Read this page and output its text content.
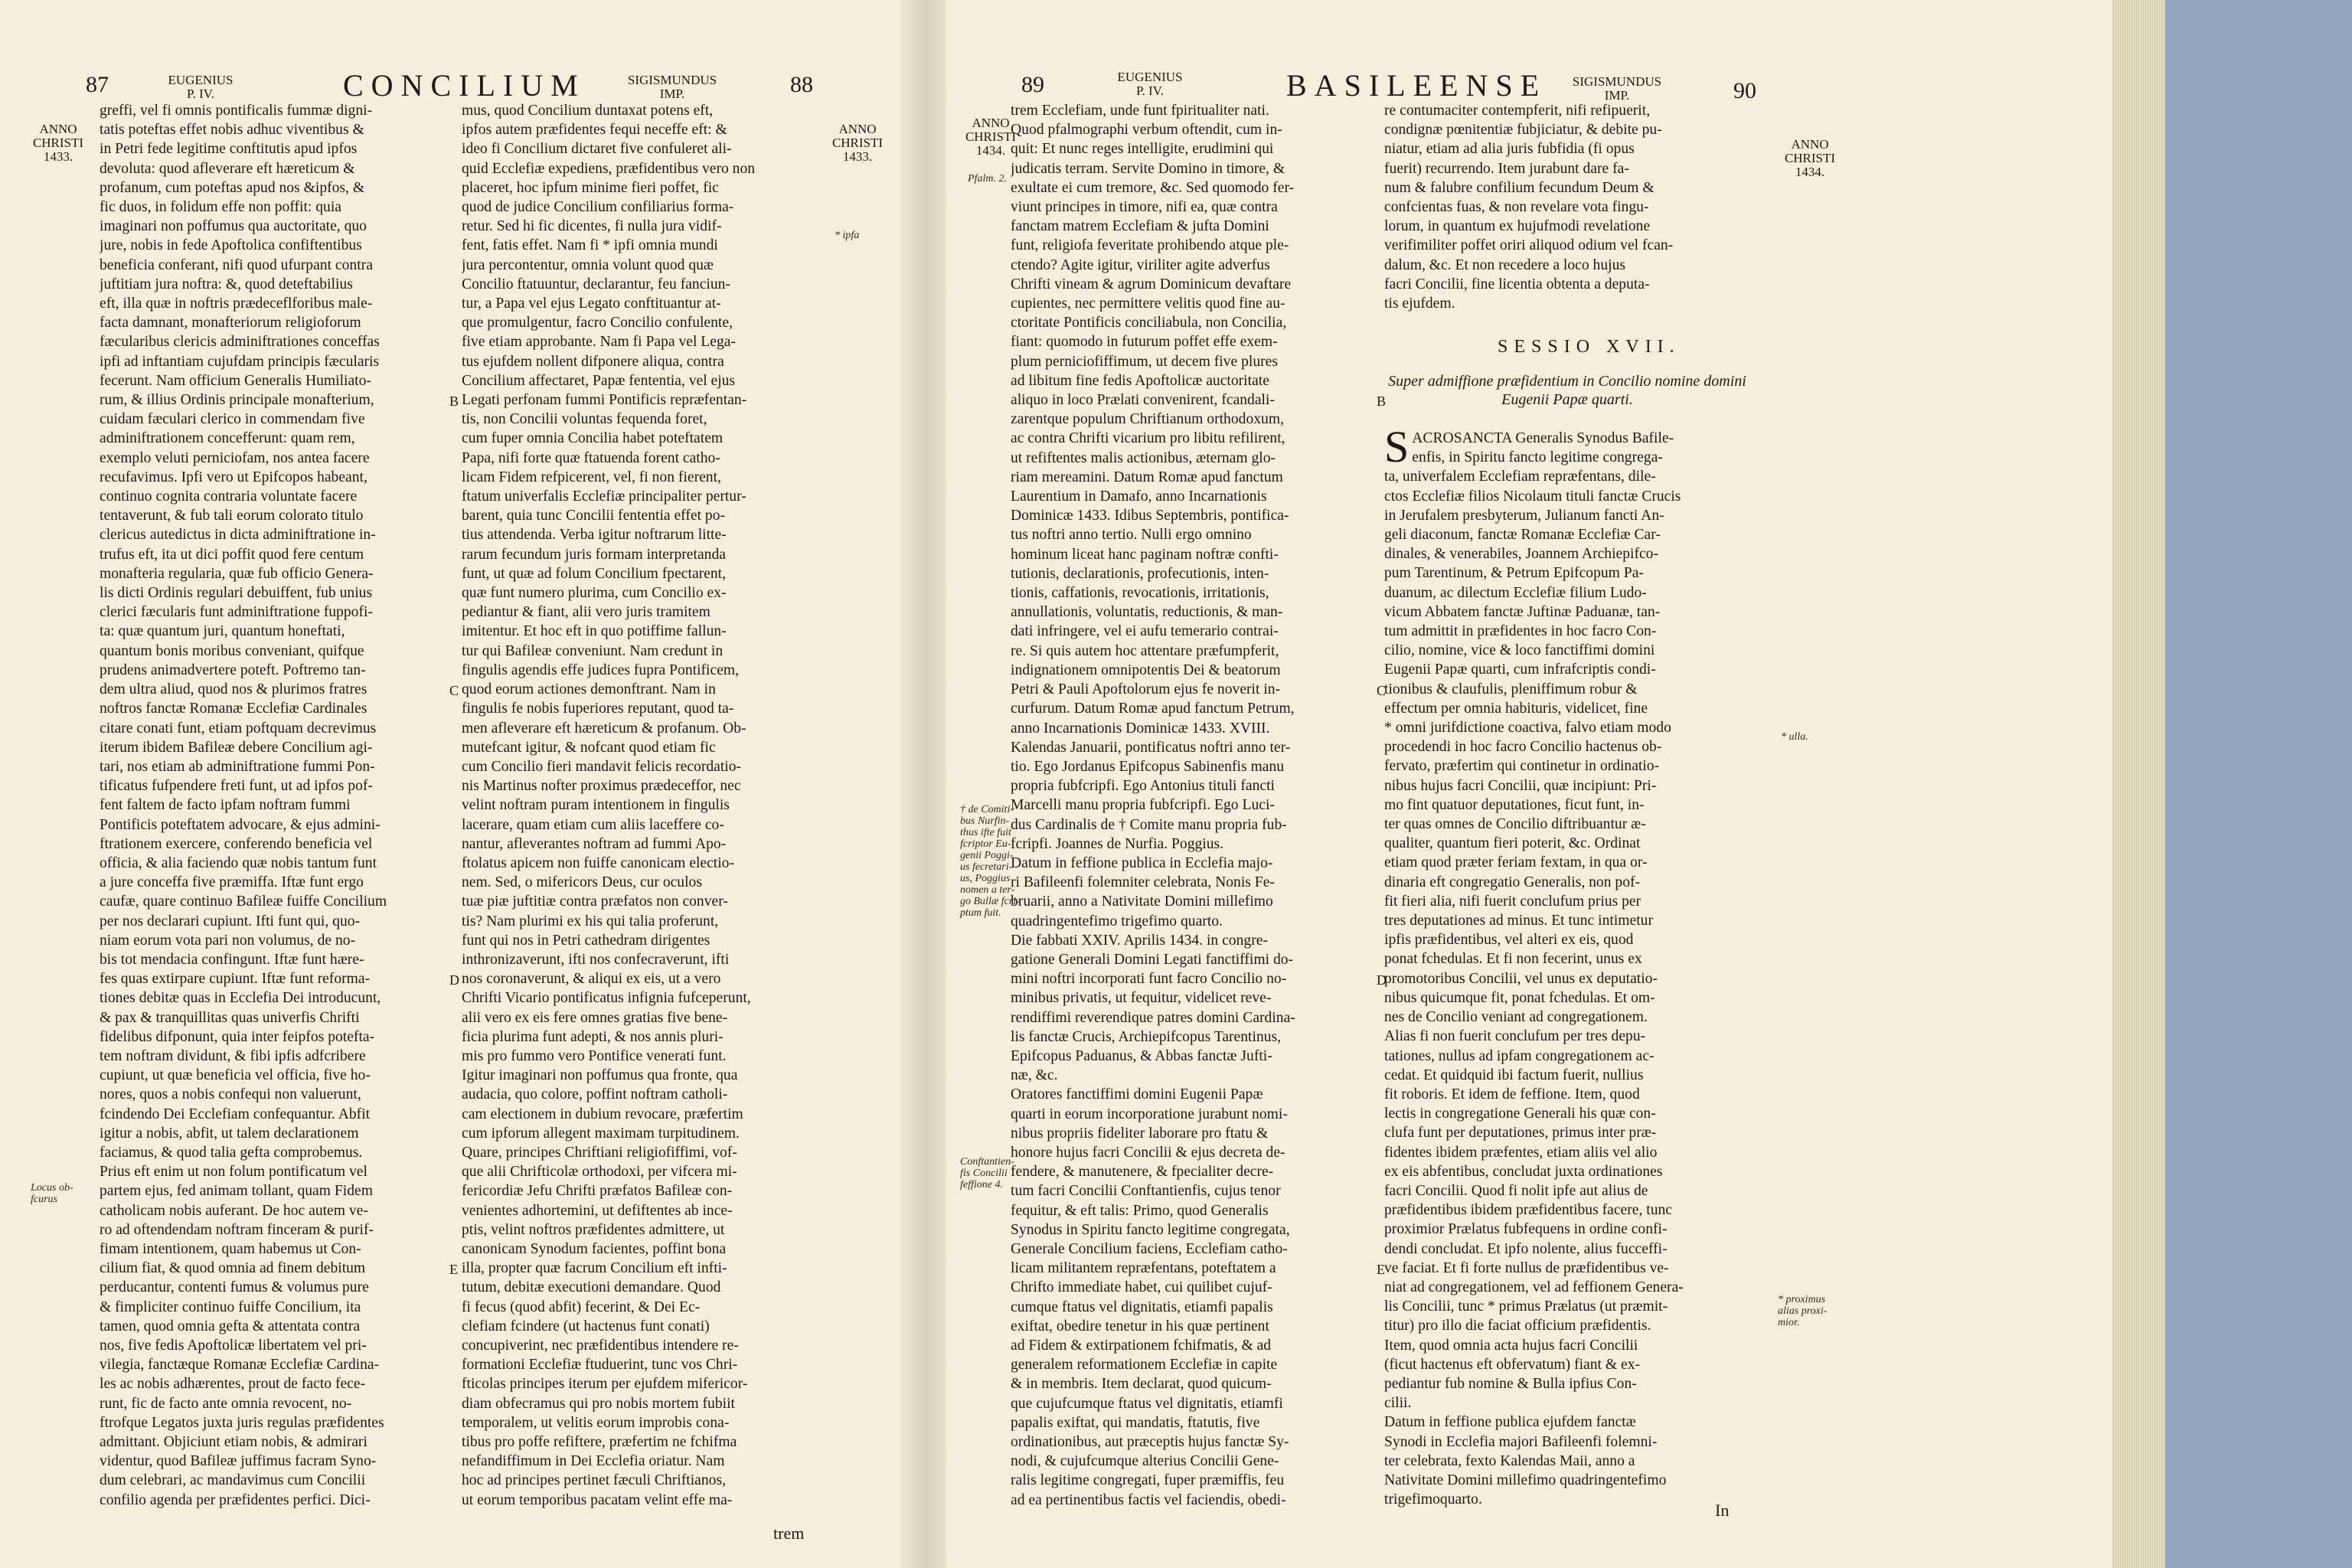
87	EUGENIUS
P. IV.	CONCILIUM	SIGISMUNDUS
IMP.	88
ANNO
CHRISTI
1433.
ANNO
CHRISTI
1433.
* ipfa
Locus ob-
fcurus
B
C
D
E
greffi, vel fi omnis pontificalis fummæ digni-
tatis poteftas effet nobis adhuc viventibus &
in Petri fede legitime conftitutis apud ipfos
devoluta: quod afleverare eft hæreticum &
profanum, cum poteftas apud nos &ipfos, &
fic duos, in folidum effe non poffit: quia
imaginari non poffumus qua auctoritate, quo
jure, nobis in fede Apoftolica confiftentibus
beneficia conferant, nifi quod ufurpant contra
juftitiam jura noftra: &, quod deteftabilius
eft, illa quæ in noftris prædeceflforibus male-
facta damnant, monafteriorum religioforum
fæcularibus clericis adminiftrationes conceffas
ipfi ad inftantiam cujufdam principis fæcularis
fecerunt. Nam officium Generalis Humiliato-
rum, & illius Ordinis principale monafterium,
cuidam fæculari clerico in commendam five
adminiftrationem concefferunt: quam rem,
exemplo veluti perniciofam, nos antea facere
recufavimus. Ipfi vero ut Epifcopos habeant,
continuo cognita contraria voluntate facere
tentaverunt, & fub tali eorum colorato titulo
clericus autedictus in dicta adminiftratione in-
trufus eft, ita ut dici poffit quod fere centum
monafteria regularia, quæ fub officio Genera-
lis dicti Ordinis regulari debuiffent, fub unius
clerici fæcularis funt adminiftratione fuppofi-
ta: quæ quantum juri, quantum honeftati,
quantum bonis moribus conveniant, quifque
prudens animadvertere poteft. Poftremo tan-
dem ultra aliud, quod nos & plurimos fratres
noftros fanctæ Romanæ Ecclefiæ Cardinales
citare conati funt, etiam poftquam decrevimus
iterum ibidem Bafileæ debere Concilium agi-
tari, nos etiam ab adminiftratione fummi Pon-
tificatus fufpendere freti funt, ut ad ipfos pof-
fent faltem de facto ipfam noftram fummi
Pontificis poteftatem advocare, & ejus admini-
ftrationem exercere, conferendo beneficia vel
officia, & alia faciendo quæ nobis tantum funt
a jure conceffa five præmiffa. Iftæ funt ergo
caufæ, quare continuo Bafileæ fuiffe Concilium
per nos declarari cupiunt. Ifti funt qui, quo-
niam eorum vota pari non volumus, de no-
bis tot mendacia confingunt. Iftæ funt hære-
fes quas extirpare cupiunt. Iftæ funt reforma-
tiones debitæ quas in Ecclefia Dei introducunt,
& pax & tranquillitas quas univerfis Chrifti
fidelibus difponunt, quia inter feipfos potefta-
tem noftram dividunt, & fibi ipfis adfcribere
cupiunt, ut quæ beneficia vel officia, five ho-
nores, quos a nobis confequi non valuerunt,
fcindendo Dei Ecclefiam confequantur. Abfit
igitur a nobis, abfit, ut talem declarationem
faciamus, & quod talia gefta comprobemus.
Prius eft enim ut non folum pontificatum vel
partem ejus, fed animam tollant, quam Fidem
catholicam nobis auferant. De hoc autem ve-
ro ad oftendendam noftram finceram & purif-
fimam intentionem, quam habemus ut Con-
cilium fiat, & quod omnia ad finem debitum
perducantur, contenti fumus & volumus pure
& fimpliciter continuo fuiffe Concilium, ita
tamen, quod omnia gefta & attentata contra
nos, five fedis Apoftolicæ libertatem vel pri-
vilegia, fanctæque Romanæ Ecclefiæ Cardina-
les ac nobis adhærentes, prout de facto fece-
runt, fic de facto ante omnia revocent, no-
ftrofque Legatos juxta juris regulas præfidentes
admittant. Objiciunt etiam nobis, & admirari
videntur, quod Bafileæ juffimus facram Syno-
dum celebrari, ac mandavimus cum Concilii
confilio agenda per præfidentes perfici. Dici-
mus, quod Concilium duntaxat potens eft,
ipfos autem præfidentes fequi neceffe eft: &
ideo fi Concilium dictaret five confuleret ali-
quid Ecclefiæ expediens, præfidentibus vero non
placeret, hoc ipfum minime fieri poffet, fic
quod de judice Concilium confiliarius forma-
retur. Sed hi fic dicentes, fi nulla jura vidif-
fent, fatis effet. Nam fi * ipfi omnia mundi
jura percontentur, omnia volunt quod quæ
Concilio ftatuuntur, declarantur, feu fanciun-
tur, a Papa vel ejus Legato conftituantur at-
que promulgentur, facro Concilio confulente,
five etiam approbante. Nam fi Papa vel Lega-
tus ejufdem nollent difponere aliqua, contra
Concilium affectaret, Papæ fententia, vel ejus
Legati perfonam fummi Pontificis repræfentan-
tis, non Concilii voluntas fequenda foret,
cum fuper omnia Concilia habet poteftatem
Papa, nifi forte quæ ftatuenda forent catho-
licam Fidem refpicerent, vel, fi non fierent,
ftatum univerfalis Ecclefiæ principaliter pertur-
barent, quia tunc Concilii fententia effet po-
tius attendenda. Verba igitur noftrarum litte-
rarum fecundum juris formam interpretanda
funt, ut quæ ad folum Concilium fpectarent,
quæ funt numero plurima, cum Concilio ex-
pediantur & fiant, alii vero juris tramitem
imitentur. Et hoc eft in quo potiffime fallun-
tur qui Bafileæ conveniunt. Nam credunt in
fingulis agendis effe judices fupra Pontificem,
quod eorum actiones demonftrant. Nam in
fingulis fe nobis fuperiores reputant, quod ta-
men afleverare eft hæreticum & profanum. Ob-
mutefcant igitur, & nofcant quod etiam fic
cum Concilio fieri mandavit felicis recordatio-
nis Martinus nofter proximus prædeceffor, nec
velint noftram puram intentionem in fingulis
lacerare, quam etiam cum aliis laceffere co-
nantur, afleverantes noftram ad fummi Apo-
ftolatus apicem non fuiffe canonicam electio-
nem. Sed, o mifericors Deus, cur oculos
tuæ piæ juftitiæ contra præfatos non conver-
tis? Nam plurimi ex his qui talia proferunt,
funt qui nos in Petri cathedram dirigentes
inthronizaverunt, ifti nos confecraverunt, ifti
nos coronaverunt, & aliqui ex eis, ut a vero
Chrifti Vicario pontificatus infignia fufceperunt,
alii vero ex eis fere omnes gratias five bene-
ficia plurima funt adepti, & nos annis pluri-
mis pro fummo vero Pontifice venerati funt.
Igitur imaginari non poffumus qua fronte, qua
audacia, quo colore, poffint noftram catholi-
cam electionem in dubium revocare, præfertim
cum ipforum allegent maximam turpitudinem.
Quare, principes Chriftiani religiofiffimi, vof-
que alii Chrifticolæ orthodoxi, per vifcera mi-
fericordiæ Jefu Chrifti præfatos Bafileæ con-
venientes adhortemini, ut defiftentes ab ince-
ptis, velint noftros præfidentes admittere, ut
canonicam Synodum facientes, poffint bona
illa, propter quæ facrum Concilium eft infti-
tutum, debitæ executioni demandare. Quod
fi fecus (quod abfit) fecerint, & Dei Ec-
clefiam fcindere (ut hactenus funt conati)
concupiverint, nec præfidentibus intendere re-
formationi Ecclefiæ ftuduerint, tunc vos Chri-
fticolas principes iterum per ejufdem mifericor-
diam obfecramus qui pro nobis mortem fubiit
temporalem, ut velitis eorum improbis cona-
tibus pro poffe refiftere, præfertim ne fchifma
nefandiffimum in Dei Ecclefia oriatur. Nam
hoc ad principes pertinet fæculi Chriftianos,
ut eorum temporibus pacatam velint effe ma-
trem
89	EUGENIUS
P. IV.	BASILEENSE	SIGISMUNDUS
IMP.	90
ANNO
CHRISTI
1434.	ANNO
CHRISTI
1434.
Pfalm. 2.
* ulla.
† de Comiti-
bus Nurfin-
thus ifte fuit
fcriptor Eu-
genii Poggi-
us fecretari-
us, Poggius
nomen a ter-
go Bullæ fcri-
ptum fuit.
Conftantien-
fis Concilii
feffione 4.
* proximus
alias proxi-
mior.
B
C
D
E
trem Ecclefiam, unde funt fpiritualiter nati.
Quod pfalmographi verbum oftendit, cum in-
quit: Et nunc reges intelligite, erudimini qui
judicatis terram. Servite Domino in timore, &
exultate ei cum tremore, &c. Sed quomodo fer-
viunt principes in timore, nifi ea, quæ contra
fanctam matrem Ecclefiam & jufta Domini
funt, religiofa feveritate prohibendo atque ple-
ctendo? Agite igitur, viriliter agite adverfus
Chrifti vineam & agrum Dominicum devaftare
cupientes, nec permittere velitis quod fine au-
ctoritate Pontificis conciliabula, non Concilia,
fiant: quomodo in futurum poffet effe exem-
plum perniciofiffimum, ut decem five plures
ad libitum fine fedis Apoftolicæ auctoritate
aliquo in loco Prælati convenirent, fcandali-
zarentque populum Chriftianum orthodoxum,
ac contra Chrifti vicarium pro libitu refilirent,
ut refiftentes malis actionibus, æternam glo-
riam mereamini. Datum Romæ apud fanctum
Laurentium in Damafo, anno Incarnationis
Dominicæ 1433. Idibus Septembris, pontifica-
tus noftri anno tertio. Nulli ergo omnino
hominum liceat hanc paginam noftræ confti-
tutionis, declarationis, profecutionis, inten-
tionis, caffationis, revocationis, irritationis,
annullationis, voluntatis, reductionis, & man-
dati infringere, vel ei aufu temerario contrai-
re. Si quis autem hoc attentare præfumpferit,
indignationem omnipotentis Dei & beatorum
Petri & Pauli Apoftolorum ejus fe noverit in-
curfurum. Datum Romæ apud fanctum Petrum,
anno Incarnationis Dominicæ 1433. XVIII.
Kalendas Januarii, pontificatus noftri anno ter-
tio. Ego Jordanus Epifcopus Sabinenfis manu
propria fubfcripfi. Ego Antonius tituli fancti
Marcelli manu propria fubfcripfi. Ego Luci-
dus Cardinalis de † Comite manu propria fub-
fcripfi. Joannes de Nurfia. Poggius.
Datum in feffione publica in Ecclefia majo-
ri Bafileenfi folemniter celebrata, Nonis Fe-
bruarii, anno a Nativitate Domini millefimo
quadringentefimo trigefimo quarto.
Die fabbati XXIV. Aprilis 1434. in congre-
gatione Generali Domini Legati fanctiffimi do-
mini noftri incorporati funt facro Concilio no-
minibus privatis, ut fequitur, videlicet reve-
rendiffimi reverendique patres domini Cardina-
lis fanctæ Crucis, Archiepifcopus Tarentinus,
Epifcopus Paduanus, & Abbas fanctæ Jufti-
næ, &c.
Oratores fanctiffimi domini Eugenii Papæ
quarti in eorum incorporatione jurabunt nomi-
nibus propriis fideliter laborare pro ftatu &
honore hujus facri Concilii & ejus decreta de-
fendere, & manutenere, & fpecialiter decre-
tum facri Concilii Conftantienfis, cujus tenor
fequitur, & eft talis: Primo, quod Generalis
Synodus in Spiritu fancto legitime congregata,
Generale Concilium faciens, Ecclefiam catho-
licam militantem repræfentans, poteftatem a
Chrifto immediate habet, cui quilibet cujuf-
cumque ftatus vel dignitatis, etiamfi papalis
exiftat, obedire tenetur in his quæ pertinent
ad Fidem & extirpationem fchifmatis, & ad
generalem reformationem Ecclefiæ in capite
& in membris. Item declarat, quod quicum-
que cujufcumque ftatus vel dignitatis, etiamfi
papalis exiftat, qui mandatis, ftatutis, five
ordinationibus, aut præceptis hujus fanctæ Sy-
nodi, & cujufcumque alterius Concilii Gene-
ralis legitime congregati, fuper præmiffis, feu
ad ea pertinentibus factis vel faciendis, obedi-
re contumaciter contempferit, nifi refipuerit,
condignæ pœnitentiæ fubjiciatur, & debite pu-
niatur, etiam ad alia juris fubfidia (fi opus
fuerit) recurrendo. Item jurabunt dare fa-
num & falubre confilium fecundum Deum &
confcientas fuas, & non revelare vota fingu-
lorum, in quantum ex hujufmodi revelatione
verifimiliter poffet oriri aliquod odium vel fcan-
dalum, &c. Et non recedere a loco hujus
facri Concilii, fine licentia obtenta a deputa-
tis ejufdem.
SESSIO XVII.
Super admiffione præfidentium in Concilio nomine domini Eugenii Papæ quarti.
S ACROSANCTA Generalis Synodus Bafile-
enfis, in Spiritu fancto legitime congrega-
ta, univerfalem Ecclefiam repræfentans, dile-
ctos Ecclefiæ filios Nicolaum tituli fanctæ Crucis
in Jerufalem presbyterum, Julianum fancti An-
geli diaconum, fanctæ Romanæ Ecclefiæ Car-
dinales, & venerabiles, Joannem Archiepifco-
pum Tarentinum, & Petrum Epifcopum Pa-
duanum, ac dilectum Ecclefiæ filium Ludo-
vicum Abbatem fanctæ Juftinæ Paduanæ, tan-
tum admittit in præfidentes in hoc facro Con-
cilio, nomine, vice & loco fanctiffimi domini
Eugenii Papæ quarti, cum infrafcriptis condi-
tionibus & claufulis, pleniffimum robur &
effectum per omnia habituris, videlicet, fine
* omni jurifdictione coactiva, falvo etiam modo
procedendi in hoc facro Concilio hactenus ob-
fervato, præfertim qui continetur in ordinatio-
nibus hujus facri Concilii, quæ incipiunt: Pri-
mo fint quatuor deputationes, ficut funt, in-
ter quas omnes de Concilio diftribuantur æ-
qualiter, quantum fieri poterit, &c. Ordinat
etiam quod præter feriam fextam, in qua or-
dinaria eft congregatio Generalis, non pof-
fit fieri alia, nifi fuerit conclufum prius per
tres deputationes ad minus. Et tunc intimetur
ipfis præfidentibus, vel alteri ex eis, quod
ponat fchedulas. Et fi non fecerint, unus ex
promotoribus Concilii, vel unus ex deputatio-
nibus quicumque fit, ponat fchedulas. Et om-
nes de Concilio veniant ad congregationem.
Alias fi non fuerit conclufum per tres depu-
tationes, nullus ad ipfam congregationem ac-
cedat. Et quidquid ibi factum fuerit, nullius
fit roboris. Et idem de feffione. Item, quod
lectis in congregatione Generali his quæ con-
clufa funt per deputationes, primus inter præ-
fidentes ibidem præfentes, etiam aliis vel alio
ex eis abfentibus, concludat juxta ordinationes
facri Concilii. Quod fi nolit ipfe aut alius de
præfidentibus ibidem præfidentibus facere, tunc
proximior Prælatus fubfequens in ordine confi-
dendi concludat. Et ipfo nolente, alius fucceffi-
ve faciat. Et fi forte nullus de præfidentibus ve-
niat ad congregationem, vel ad feffionem Genera-
lis Concilii, tunc * primus Prælatus (ut præmit-
titur) pro illo die faciat officium præfidentis.
Item, quod omnia acta hujus facri Concilii
(ficut hactenus eft obfervatum) fiant & ex-
pediantur fub nomine & Bulla ipfius Con-
cilii.
Datum in feffione publica ejufdem fanctæ
Synodi in Ecclefia majori Bafileenfi folemni-
ter celebrata, fexto Kalendas Maii, anno a
Nativitate Domini millefimo quadringentefimo
trigefimoquarto.
In
